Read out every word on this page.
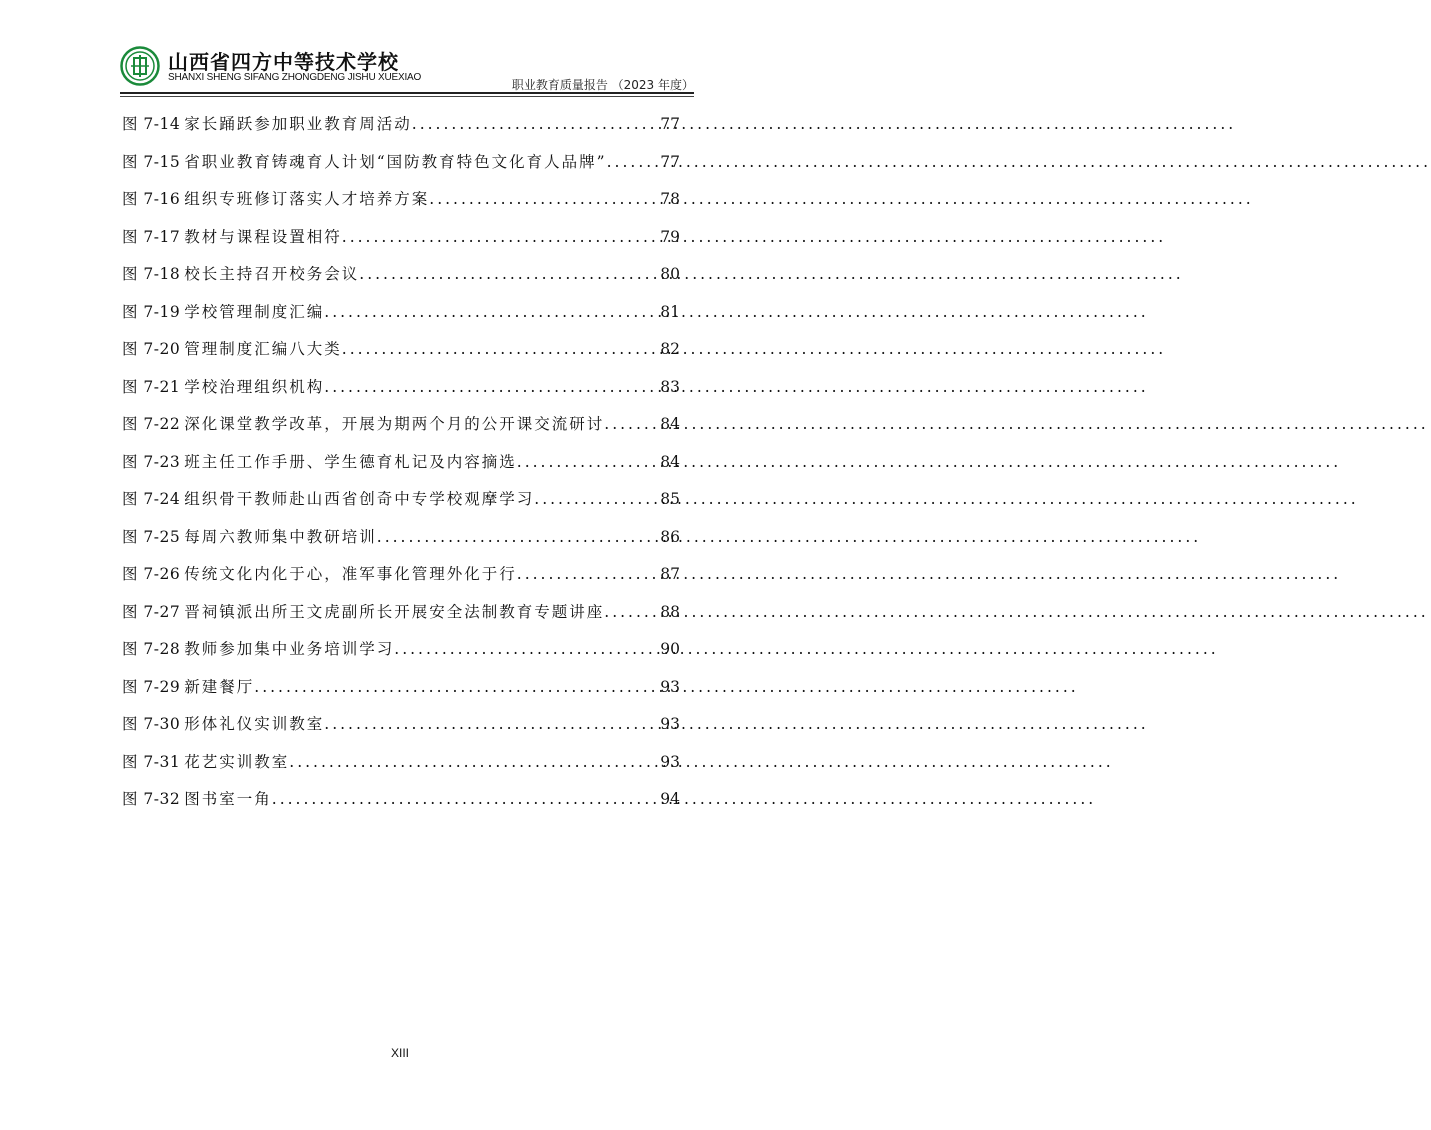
山西省四方中等技术学校
SHANXI SHENG SIFANG ZHONGDENG JISHU XUEXIAO
职业教育质量报告 （2023 年度）
图 7-14 家长踊跃参加职业教育周活动 .....	77
图 7-15 省职业教育铸魂育人计划“国防教育特色文化育人品牌” .....	77
图 7-16 组织专班修订落实人才培养方案 .....	78
图 7-17 教材与课程设置相符 .....	79
图 7-18 校长主持召开校务会议 .....	80
图 7-19 学校管理制度汇编 .....	81
图 7-20 管理制度汇编八大类 .....	82
图 7-21 学校治理组织机构 .....	83
图 7-22 深化课堂教学改革，开展为期两个月的公开课交流研讨 .....	84
图 7-23 班主任工作手册、学生德育札记及内容摘选 .....	84
图 7-24 组织骨干教师赴山西省创奇中专学校观摩学习 .....	85
图 7-25 每周六教师集中教研培训 .....	86
图 7-26 传统文化内化于心，准军事化管理外化于行 .....	87
图 7-27 晋祠镇派出所王文虎副所长开展安全法制教育专题讲座 .....	88
图 7-28 教师参加集中业务培训学习 .....	90
图 7-29 新建餐厅 .....	93
图 7-30 形体礼仪实训教室 .....	93
图 7-31 花艺实训教室 .....	93
图 7-32 图书室一角 .....	94
XIII
